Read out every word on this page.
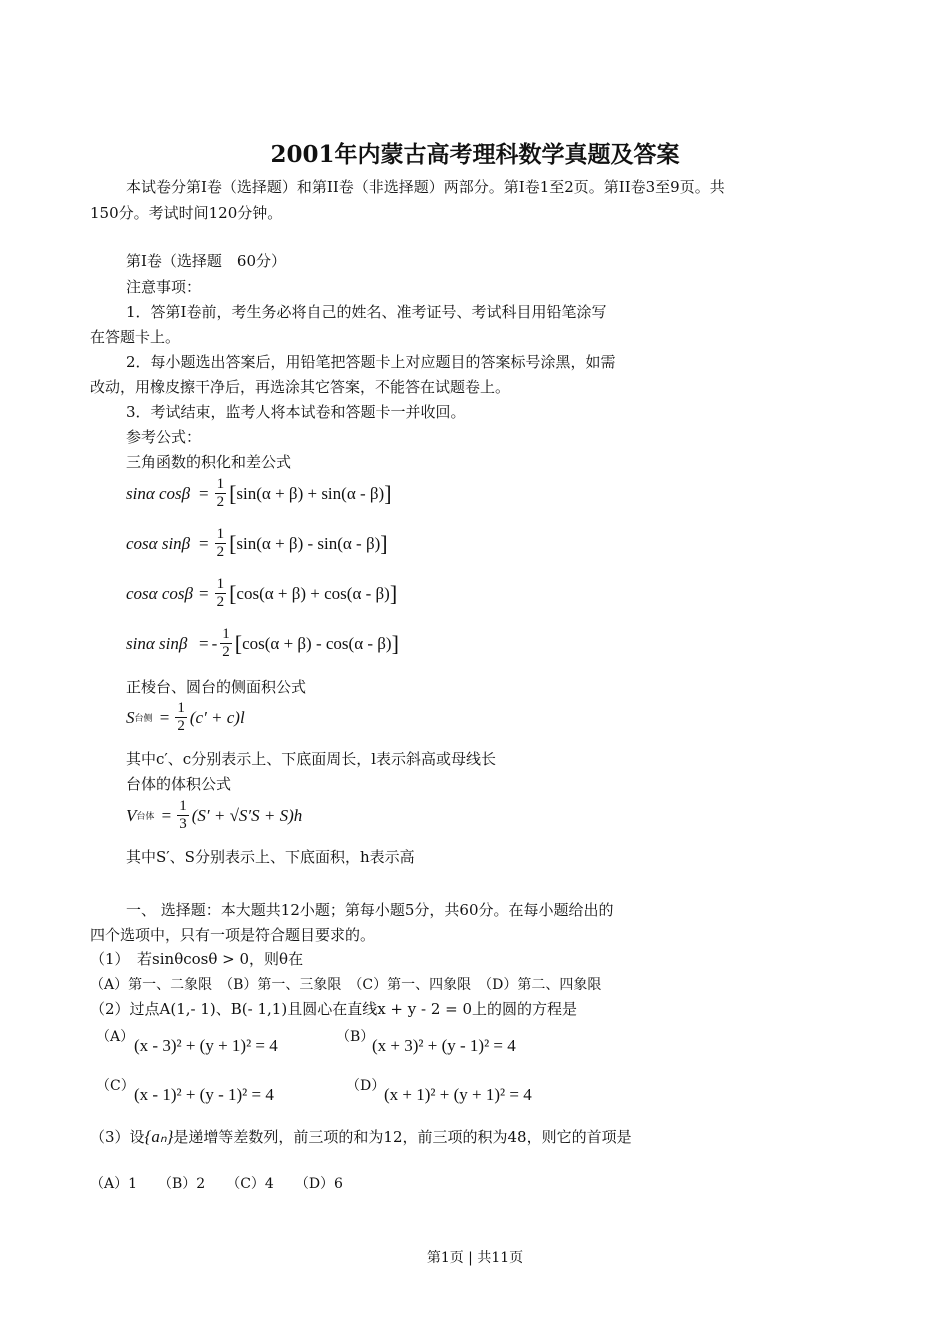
2001年内蒙古高考理科数学真题及答案
本试卷分第Ⅰ卷（选择题）和第II卷（非选择题）两部分。第Ⅰ卷1至2页。第II卷3至9页。共
150分。考试时间120分钟。
第Ⅰ卷（选择题　60分）
注意事项：
1．答第Ⅰ卷前，考生务必将自己的姓名、准考证号、考试科目用铅笔涂写
在答题卡上。
2．每小题选出答案后，用铅笔把答题卡上对应题目的答案标号涂黑，如需
改动，用橡皮擦干净后，再选涂其它答案，不能答在试题卷上。
3．考试结束，监考人将本试卷和答题卡一并收回。
参考公式：
三角函数的积化和差公式
sinα $\cos\beta = \frac{1}{2}$ [ sin(α + β) + sin(α - β) ]
cosα $\sin\beta = \frac{1}{2}$ [ sin(α + β) - sin(α - β) ]
cosα $\cos\beta = \frac{1}{2}$ [ cos(α + β) + cos(α - β) ]
sinα sinβ = - $\frac{1}{2}$ [ cos(α + β) - cos(α - β) ]
正棱台、圆台的侧面积公式
S 台侧 = $\frac{1}{2} (c' + c)l$
其中c′、c分别表示上、下底面周长，l表示斜高或母线长
台体的体积公式
V 台体 = $\frac{1}{3} (S' + √S'S + S)h$
其中S′、S分别表示上、下底面积，h表示高
一、 选择题：本大题共12小题；第每小题5分，共60分。在每小题给出的
四个选项中，只有一项是符合题目要求的。
（1）　若sinθcosθ > 0，则θ在
（A）第一、二象限　（B）第一、三象限　（C）第一、四象限　（D）第二、四象限
（2）过点A(1,- 1)、B(- 1,1)且圆心在直线x + y - 2 = 0上的圆的方程是
（A） (x - 3)² + (y + 1)² = 4	（B）
(x + 3)² + (y - 1)² = 4
（C） (x - 1)² + (y - 1)² = 4	（D）
(x + 1)² + (y + 1)² = 4
（3）设{aₙ}是递增等差数列，前三项的和为12，前三项的积为48，则它的首项是
（A）1　　（B）2　　（C）4　　（D）6
第1页 | 共11页
